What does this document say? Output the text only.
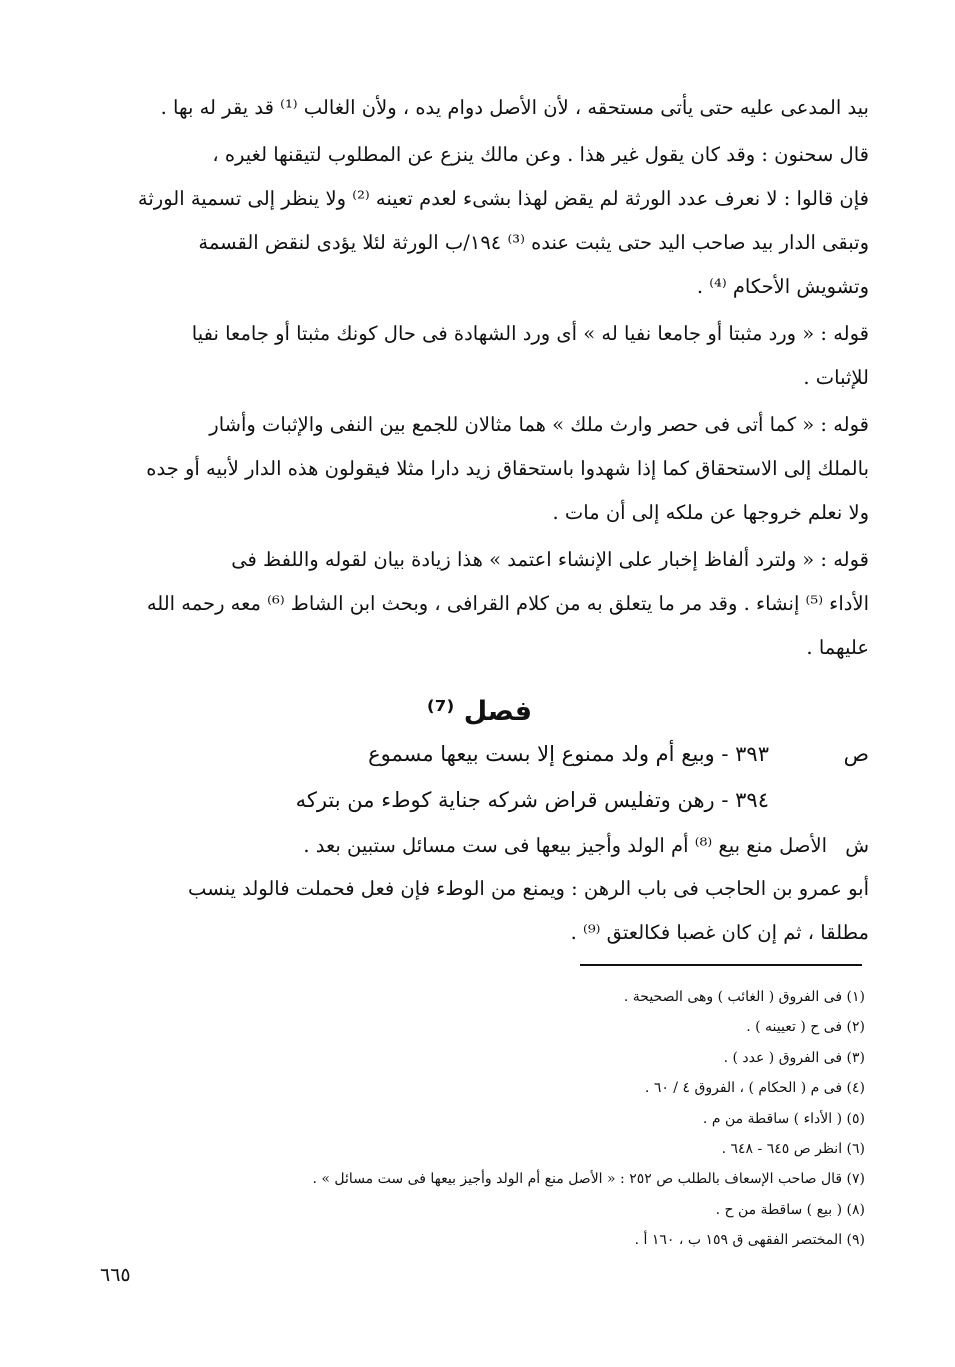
بيد المدعى عليه حتى يأتى مستحقه ، لأن الأصل دوام يده ، ولأن الغالب ⁽¹⁾ قد يقر له بها .

قال سحنون : وقد كان يقول غير هذا . وعن مالك ينزع عن المطلوب لتيقنها لغيره ،
فإن قالوا : لا نعرف عدد الورثة لم يقض لهذا بشىء لعدم تعينه ⁽²⁾ ولا ينظر إلى تسمية الورثة
وتبقى الدار بيد صاحب اليد حتى يثبت عنده ⁽³⁾ ١٩٤/ب الورثة لئلا يؤدى لنقض القسمة
وتشويش الأحكام ⁽⁴⁾ .

قوله : « ورد مثبتا أو جامعا نفيا له » أى ورد الشهادة فى حال كونك مثبتا أو جامعا نفيا
للإثبات .

قوله : « كما أتى فى حصر وارث ملك » هما مثالان للجمع بين النفى والإثبات وأشار
بالملك إلى الاستحقاق كما إذا شهدوا باستحقاق زيد دارا مثلا فيقولون هذه الدار لأبيه أو جده
ولا نعلم خروجها عن ملكه إلى أن مات .

قوله : « ولترد ألفاظ إخبار على الإنشاء اعتمد » هذا زيادة بيان لقوله واللفظ فى
الأداء ⁽⁵⁾ إنشاء . وقد مر ما يتعلق به من كلام القرافى ، وبحث ابن الشاط ⁽⁶⁾ معه رحمه الله
عليهما .

فصل ⁽⁷⁾
ص
٣٩٣ - وبيع أم ولد ممنوع إلا بست بيعها مسموع
٣٩٤ - رهن وتفليس قراض شركه جناية كوطء من بتركه
ش
الأصل منع بيع ⁽⁸⁾ أم الولد وأجيز بيعها فى ست مسائل ستبين بعد .

أبو عمرو بن الحاجب فى باب الرهن : ويمنع من الوطء فإن فعل فحملت فالولد ينسب
مطلقا ، ثم إن كان غصبا فكالعتق ⁽⁹⁾ .

(١) فى الفروق ( الغائب ) وهى الصحيحة .
(٢) فى ح ( تعيينه ) .
(٣) فى الفروق ( عدد ) .
(٤) فى م ( الحكام ) ، الفروق ٤ / ٦٠ .
(٥) ( الأداء ) ساقطة من م .
(٦) انظر ص ٦٤٥ - ٦٤٨ .
(٧) قال صاحب الإسعاف بالطلب ص ٢٥٢ : « الأصل منع أم الولد وأجيز بيعها فى ست مسائل » .
(٨) ( بيع ) ساقطة من ح .
(٩) المختصر الفقهى ق ١٥٩ ب ، ١٦٠ أ .
٦٦٥
